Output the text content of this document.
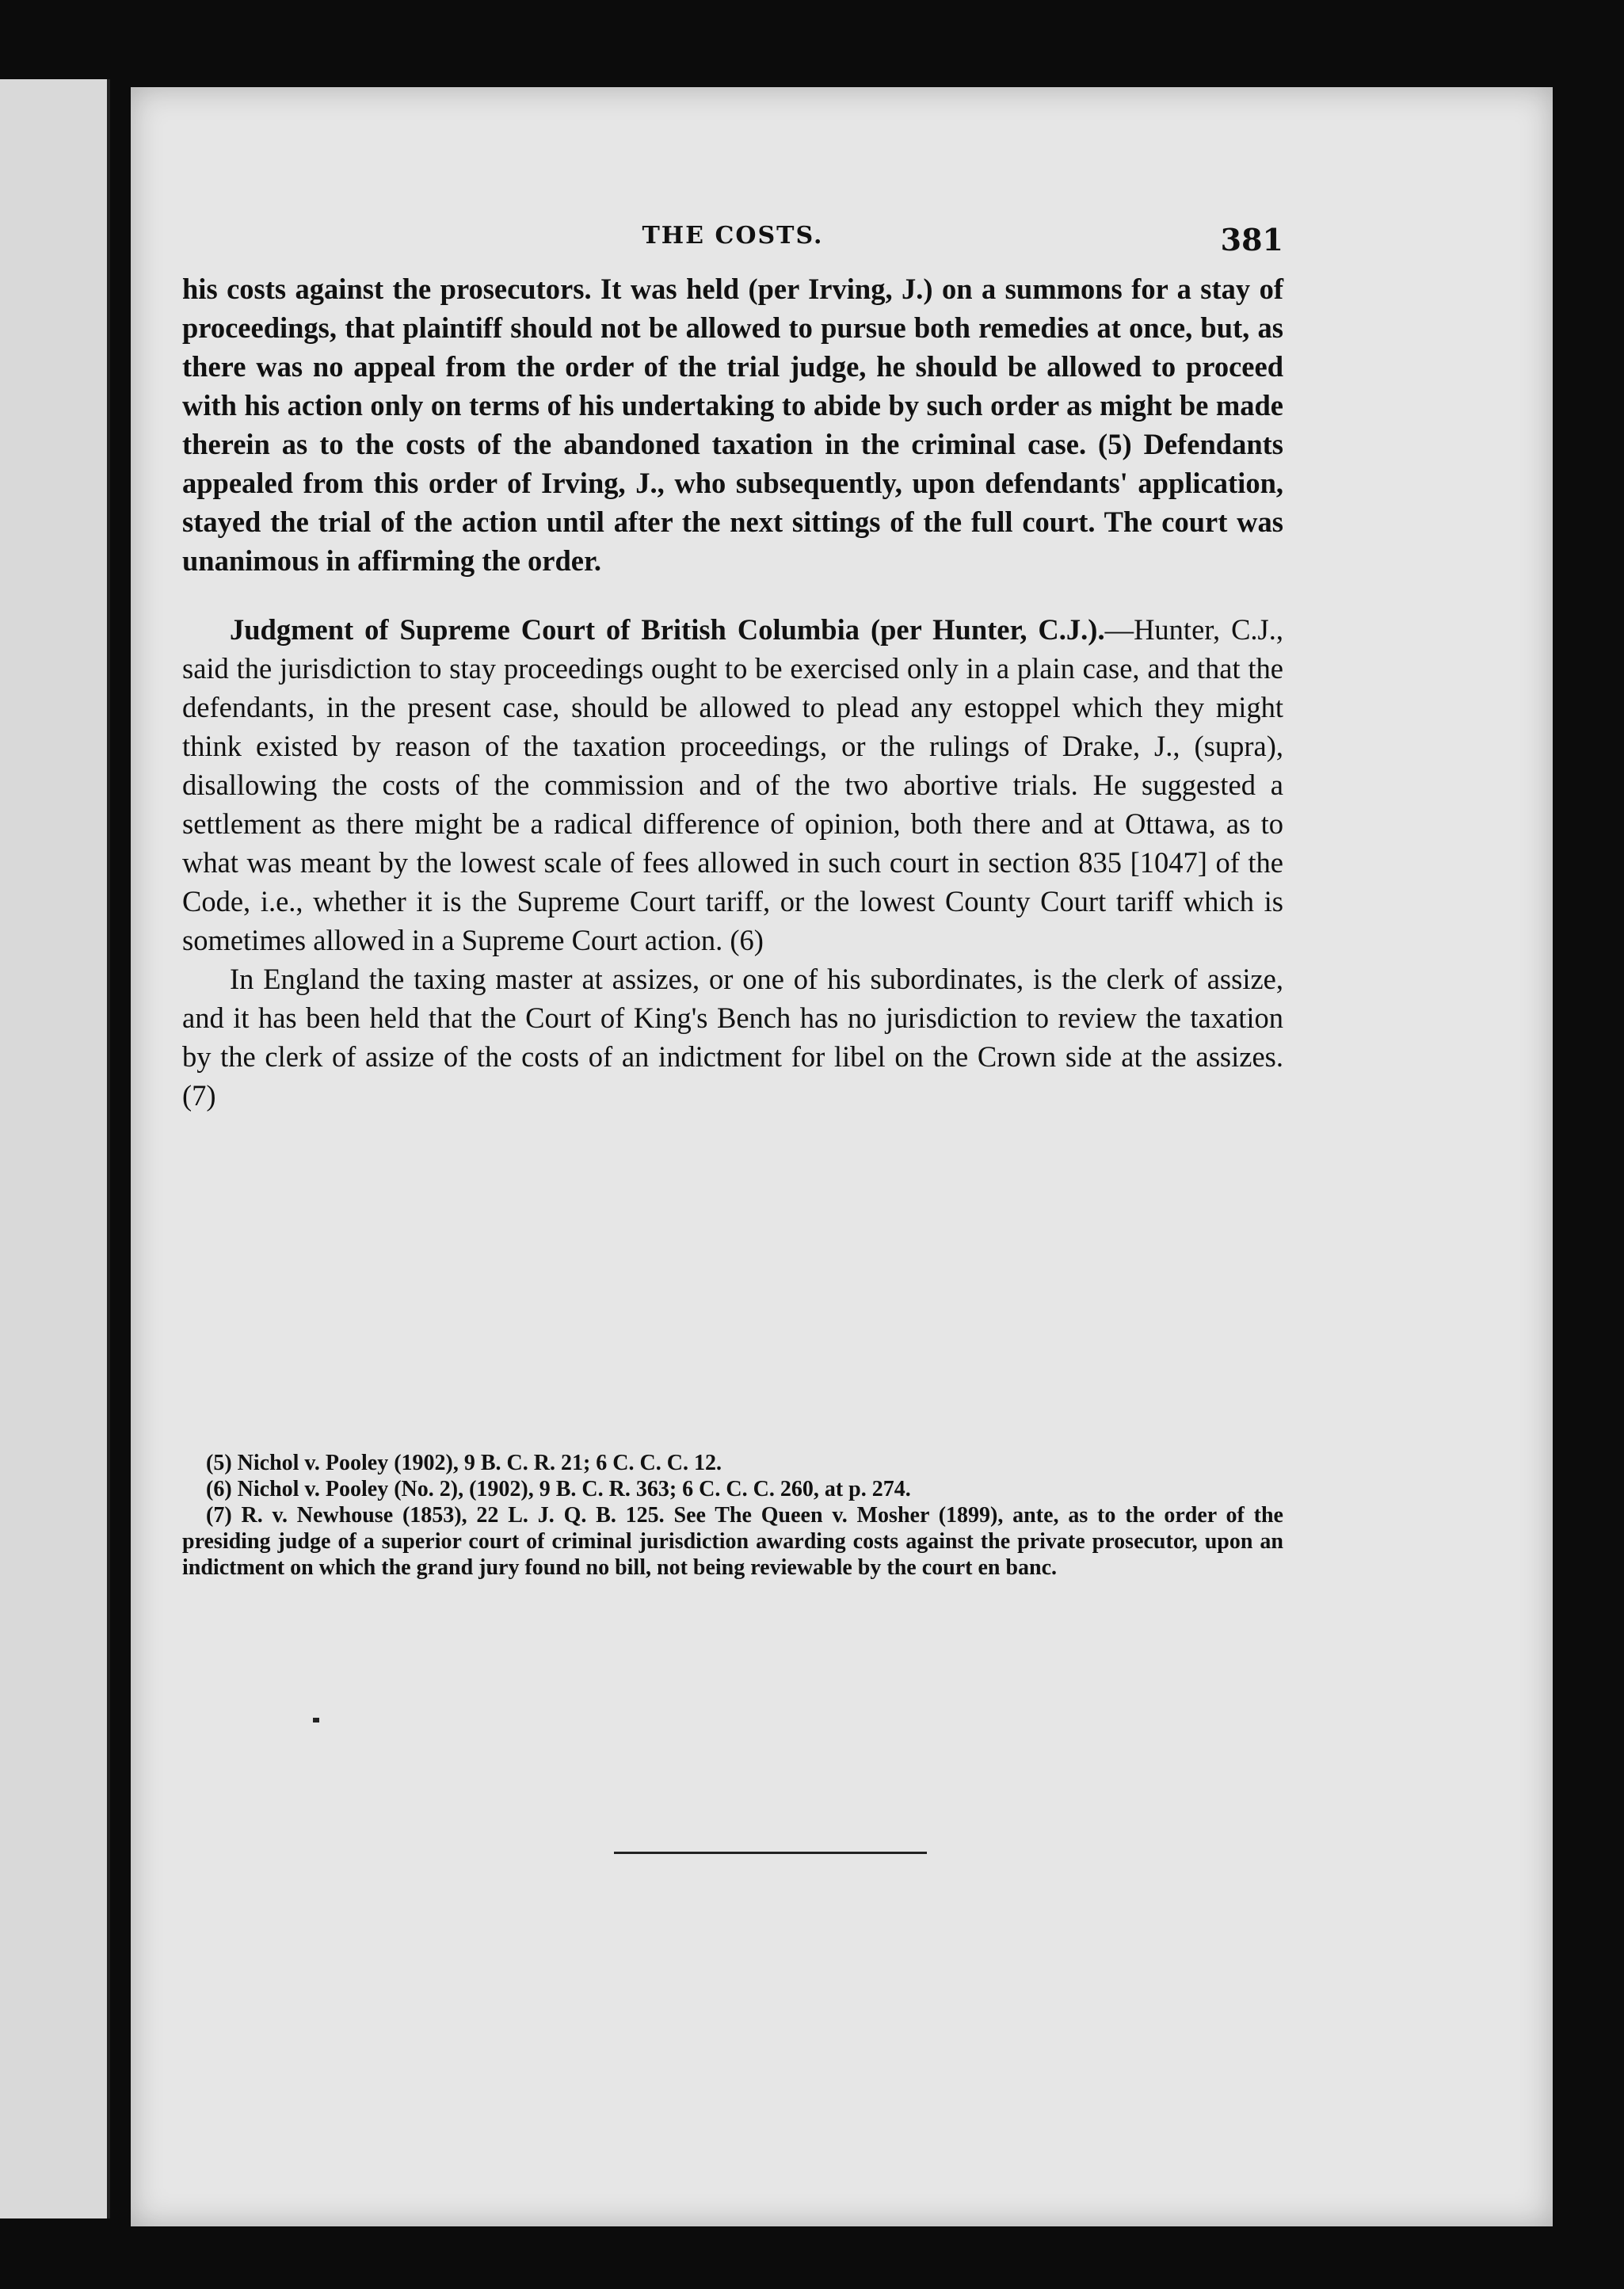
THE COSTS.	381

his costs against the prosecutors. It was held (per Irving, J.) on a summons for a stay of proceedings, that plaintiff should not be allowed to pursue both remedies at once, but, as there was no appeal from the order of the trial judge, he should be allowed to proceed with his action only on terms of his undertaking to abide by such order as might be made therein as to the costs of the abandoned taxation in the criminal case. (5) Defendants appealed from this order of Irving, J., who subsequently, upon defendants' application, stayed the trial of the action until after the next sittings of the full court. The court was unanimous in affirming the order.

Judgment of Supreme Court of British Columbia (per Hunter, C.J.).—Hunter, C.J., said the jurisdiction to stay proceedings ought to be exercised only in a plain case, and that the defendants, in the present case, should be allowed to plead any estoppel which they might think existed by reason of the taxation proceedings, or the rulings of Drake, J., (supra), disallowing the costs of the commission and of the two abortive trials. He suggested a settlement as there might be a radical difference of opinion, both there and at Ottawa, as to what was meant by the lowest scale of fees allowed in such court in section 835 [1047] of the Code, i.e., whether it is the Supreme Court tariff, or the lowest County Court tariff which is sometimes allowed in a Supreme Court action. (6)

In England the taxing master at assizes, or one of his subordinates, is the clerk of assize, and it has been held that the Court of King's Bench has no jurisdiction to review the taxation by the clerk of assize of the costs of an indictment for libel on the Crown side at the assizes. (7)

(5) Nichol v. Pooley (1902), 9 B. C. R. 21; 6 C. C. C. 12.

(6) Nichol v. Pooley (No. 2), (1902), 9 B. C. R. 363; 6 C. C. C. 260, at p. 274.

(7) R. v. Newhouse (1853), 22 L. J. Q. B. 125. See The Queen v. Mosher (1899), ante, as to the order of the presiding judge of a superior court of criminal jurisdiction awarding costs against the private prosecutor, upon an indictment on which the grand jury found no bill, not being reviewable by the court en banc.
